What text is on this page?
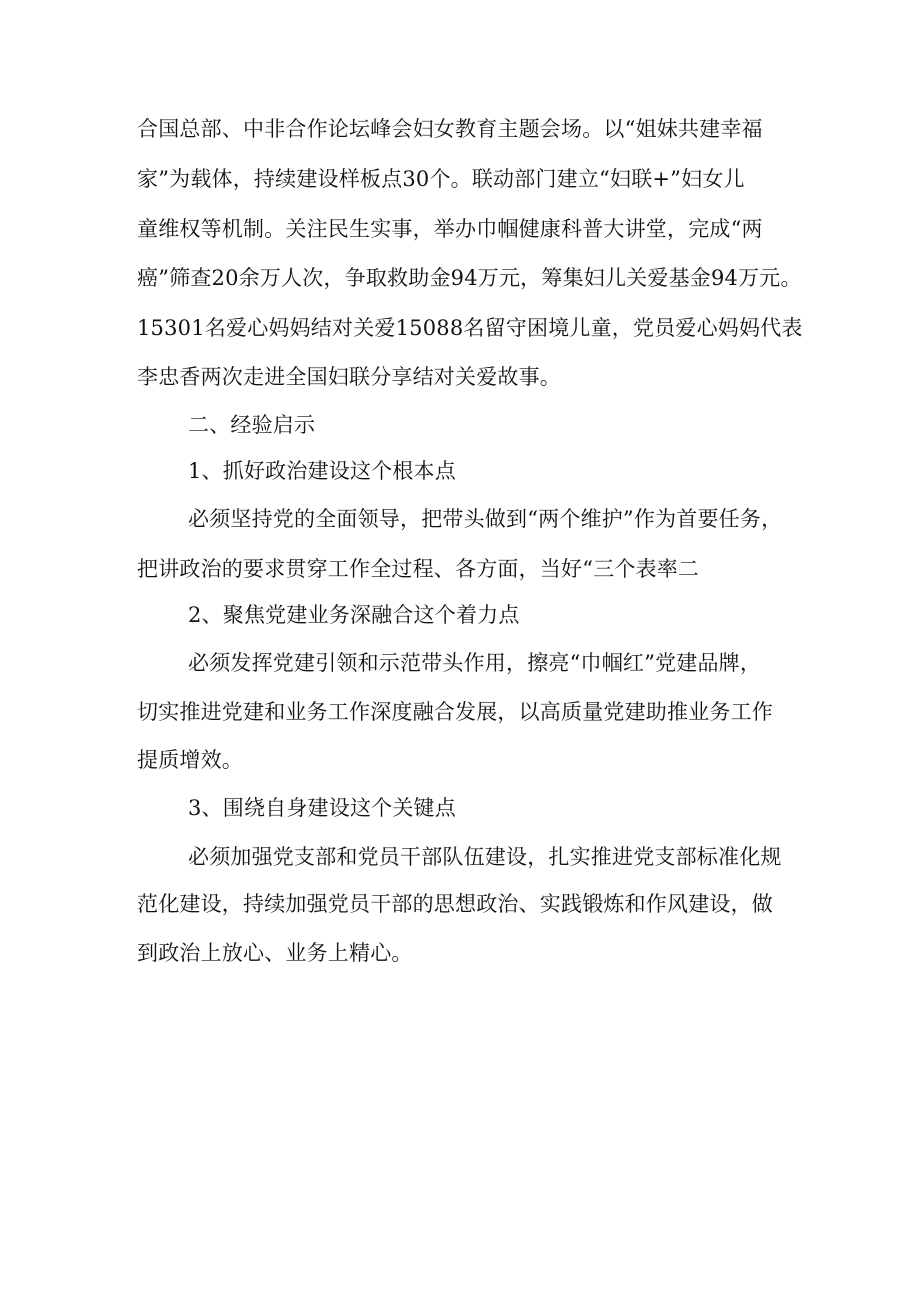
合国总部、中非合作论坛峰会妇女教育主题会场。以“姐妹共建幸福
家”为载体，持续建设样板点30个。联动部门建立“妇联+”妇女儿
童维权等机制。关注民生实事，举办巾帼健康科普大讲堂，完成“两
癌”筛查20余万人次，争取救助金94万元，筹集妇儿关爱基金94万元。
15301名爱心妈妈结对关爱15088名留守困境儿童，党员爱心妈妈代表
李忠香两次走进全国妇联分享结对关爱故事。
二、经验启示
1、抓好政治建设这个根本点
必须坚持党的全面领导，把带头做到“两个维护”作为首要任务，
把讲政治的要求贯穿工作全过程、各方面，当好“三个表率二
2、聚焦党建业务深融合这个着力点
必须发挥党建引领和示范带头作用，擦亮“巾帼红”党建品牌，
切实推进党建和业务工作深度融合发展，以高质量党建助推业务工作
提质增效。
3、围绕自身建设这个关键点
必须加强党支部和党员干部队伍建设，扎实推进党支部标准化规
范化建设，持续加强党员干部的思想政治、实践锻炼和作风建设，做
到政治上放心、业务上精心。
